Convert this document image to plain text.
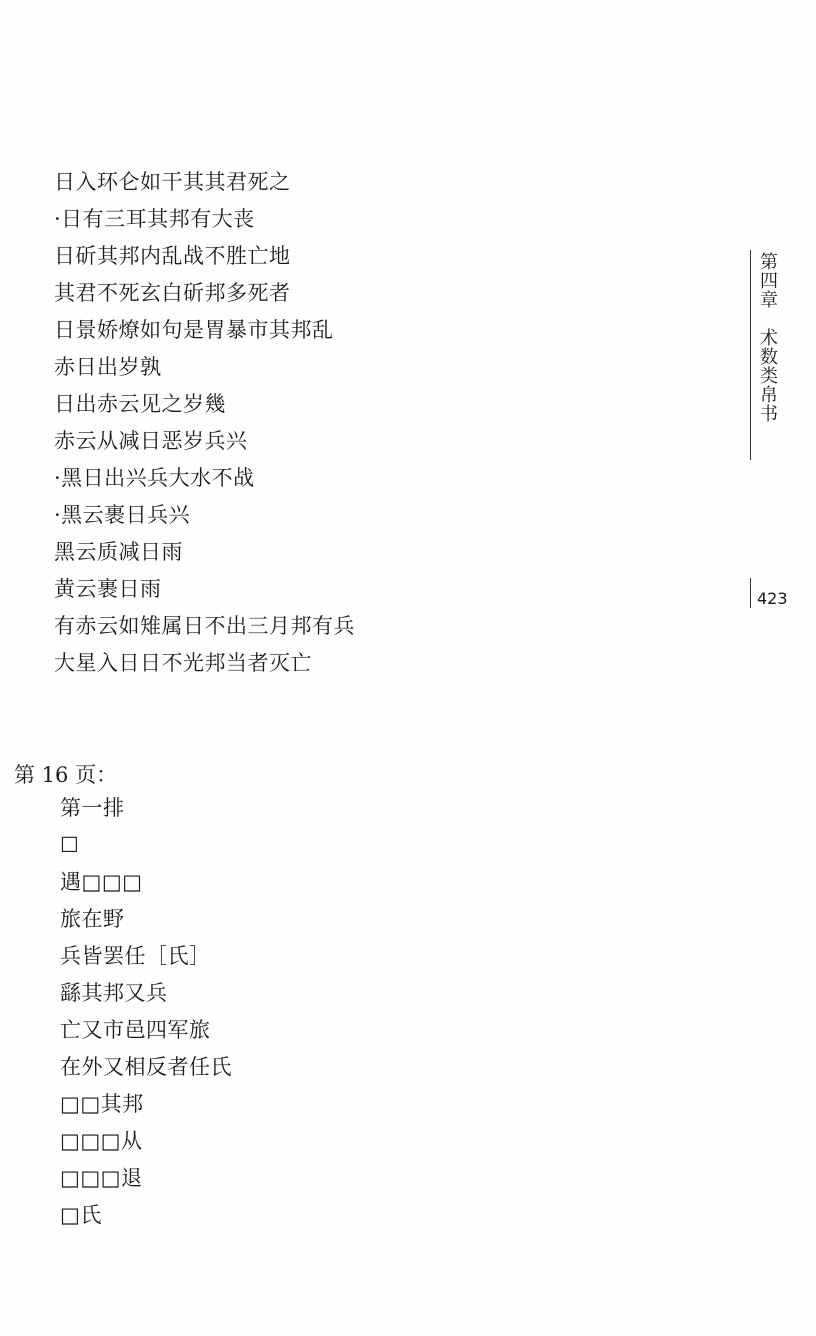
日入环仑如干其其君死之
·日有三耳其邦有大丧
日斫其邦内乱战不胜亡地
其君不死玄白斫邦多死者
日景娇燎如句是胃暴市其邦乱
赤日出岁孰
日出赤云见之岁幾
赤云从减日恶岁兵兴
·黑日出兴兵大水不战
·黑云裹日兵兴
黑云质减日雨
黄云裹日雨
有赤云如雉属日不出三月邦有兵
大星入日日不光邦当者灭亡
第 16 页：
第一排
☐
遇□□□
旅在野
兵皆罢任［氏］
繇其邦又兵
亡又市邑四军旅
在外又相反者任氏
□□其邦
□□□从
□□□退
□氏
第四章　术数类帛书
423
